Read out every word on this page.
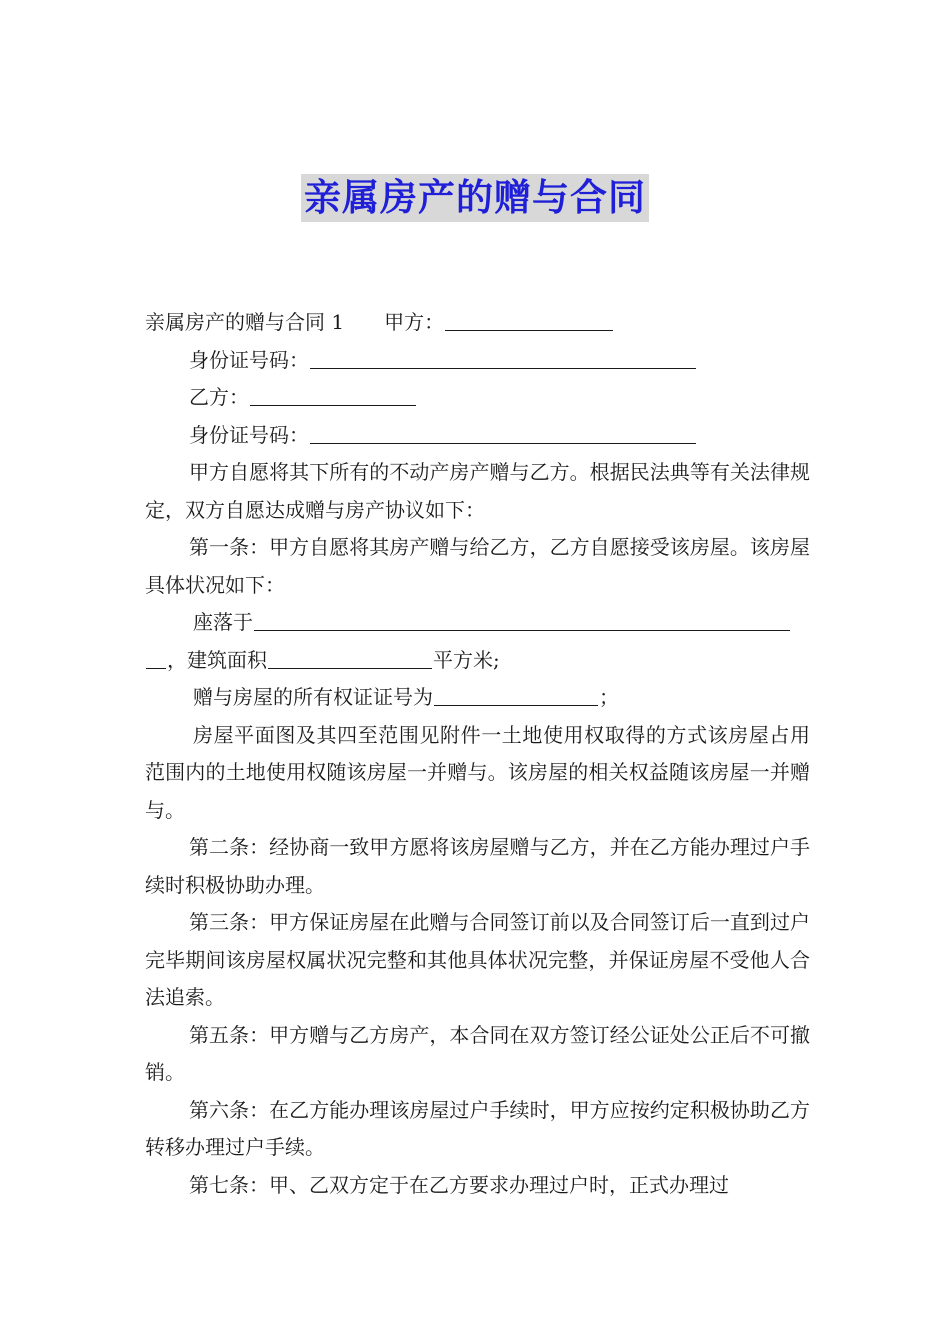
亲属房产的赠与合同

亲属房产的赠与合同 1 甲方：

身份证号码：

乙方：

身份证号码：

甲方自愿将其下所有的不动产房产赠与乙方。根据民法典等有关法律规定，双方自愿达成赠与房产协议如下：

第一条：甲方自愿将其房产赠与给乙方，乙方自愿接受该房屋。该房屋具体状况如下：

座落于

，建筑面积	平方米;

赠与房屋的所有权证证号为	；

房屋平面图及其四至范围见附件一土地使用权取得的方式该房屋占用范围内的土地使用权随该房屋一并赠与。该房屋的相关权益随该房屋一并赠与。

第二条：经协商一致甲方愿将该房屋赠与乙方，并在乙方能办理过户手续时积极协助办理。

第三条：甲方保证房屋在此赠与合同签订前以及合同签订后一直到过户完毕期间该房屋权属状况完整和其他具体状况完整，并保证房屋不受他人合法追索。

第五条：甲方赠与乙方房产，本合同在双方签订经公证处公正后不可撤销。

第六条：在乙方能办理该房屋过户手续时，甲方应按约定积极协助乙方转移办理过户手续。

第七条：甲、乙双方定于在乙方要求办理过户时，正式办理过
